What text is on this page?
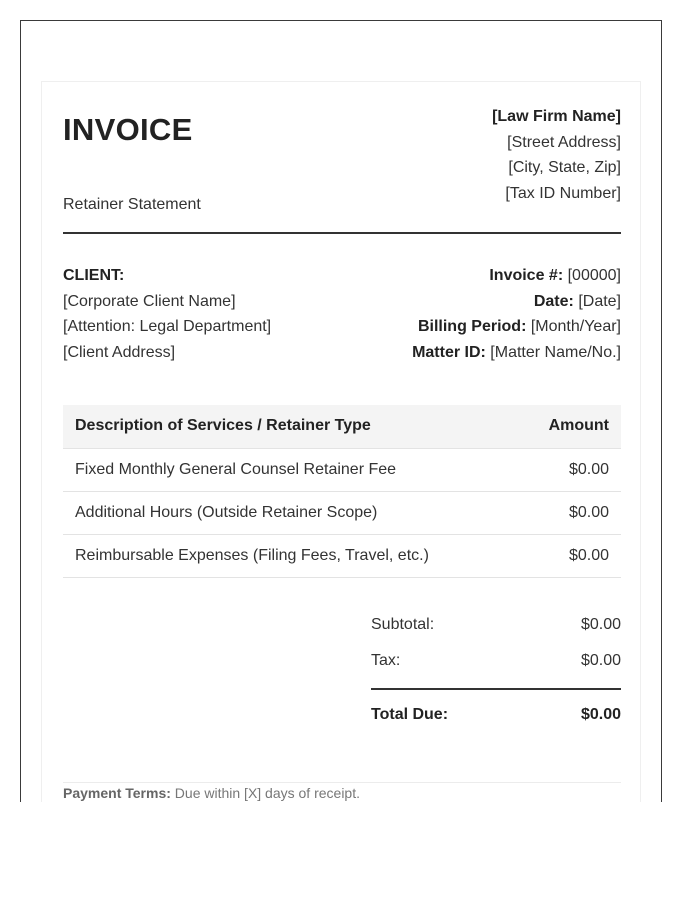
INVOICE
Retainer Statement
[Law Firm Name]
[Street Address]
[City, State, Zip]
[Tax ID Number]
CLIENT:
[Corporate Client Name]
[Attention: Legal Department]
[Client Address]
Invoice #: [00000]
Date: [Date]
Billing Period: [Month/Year]
Matter ID: [Matter Name/No.]
Description of Services / Retainer Type	Amount
Fixed Monthly General Counsel Retainer Fee	$0.00
Additional Hours (Outside Retainer Scope)	$0.00
Reimbursable Expenses (Filing Fees, Travel, etc.)	$0.00
Subtotal:	$0.00
Tax:	$0.00
Total Due:	$0.00
Payment Terms: Due within [X] days of receipt.
